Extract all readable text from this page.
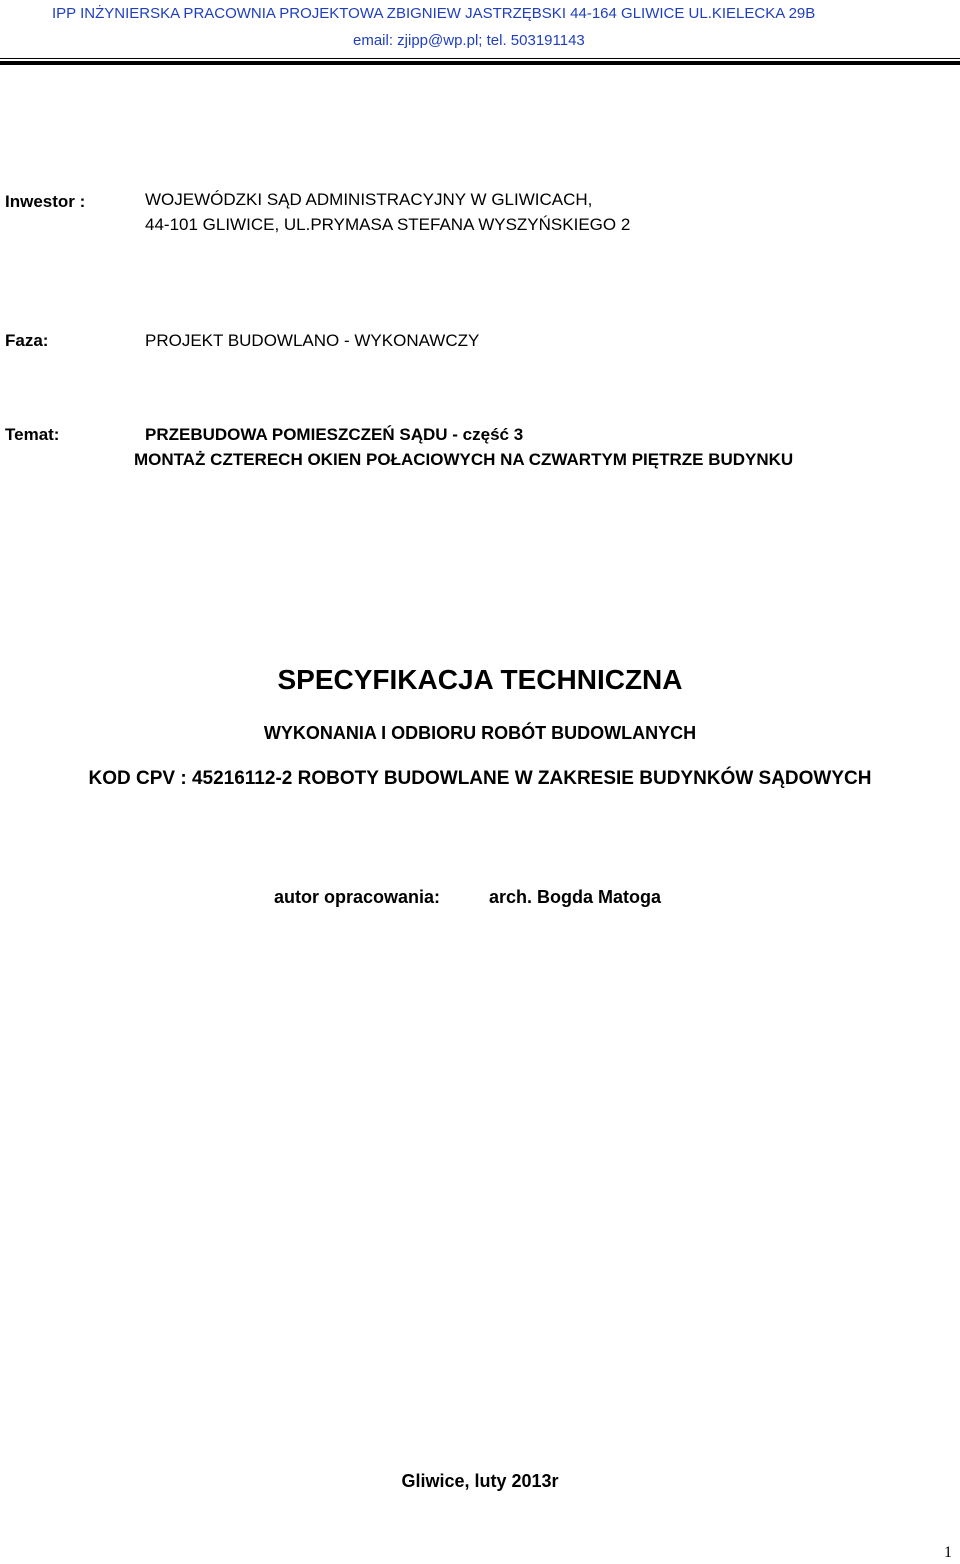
IPP INŻYNIERSKA PRACOWNIA PROJEKTOWA ZBIGNIEW JASTRZĘBSKI 44-164 GLIWICE UL.KIELECKA 29B
email: zjipp@wp.pl; tel. 503191143
Inwestor :	WOJEWÓDZKI SĄD ADMINISTRACYJNY W GLIWICACH,
44-101 GLIWICE, UL.PRYMASA STEFANA WYSZYŃSKIEGO 2
Faza:	PROJEKT BUDOWLANO - WYKONAWCZY
Temat:	PRZEBUDOWA POMIESZCZEŃ SĄDU - część 3
MONTAŻ CZTERECH OKIEN POŁACIOWYCH NA CZWARTYM PIĘTRZE BUDYNKU
SPECYFIKACJA TECHNICZNA
WYKONANIA I ODBIORU ROBÓT BUDOWLANYCH
KOD CPV : 45216112-2 ROBOTY BUDOWLANE W ZAKRESIE BUDYNKÓW SĄDOWYCH
autor opracowania:	arch. Bogda Matoga
Gliwice, luty 2013r
1
